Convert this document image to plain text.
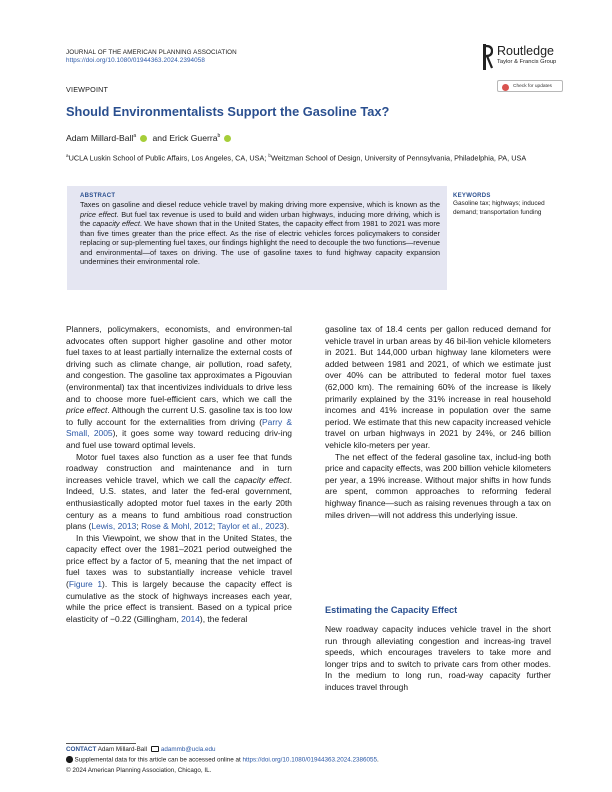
JOURNAL OF THE AMERICAN PLANNING ASSOCIATION
https://doi.org/10.1080/01944363.2024.2394058
Routledge
Taylor & Francis Group
VIEWPOINT	Check for updates
Should Environmentalists Support the Gasoline Tax?
Adam Millard-Ball$^a$ and Erick Guerra$^b$
$^a$UCLA Luskin School of Public Affairs, Los Angeles, CA, USA; $^b$Weitzman School of Design, University of Pennsylvania, Philadelphia, PA, USA
ABSTRACT
Taxes on gasoline and diesel reduce vehicle travel by making driving more expensive, which is known as the price effect. But fuel tax revenue is used to build and widen urban highways, inducing more driving, which is the capacity effect. We have shown that in the United States, the capacity effect from 1981 to 2021 was more than five times greater than the price effect. As the rise of electric vehicles forces policymakers to consider replacing or sup-plementing fuel taxes, our findings highlight the need to decouple the two functions—revenue and environmental—of taxes on driving. The use of gasoline taxes to fund highway capacity expansion undermines their environmental role.
KEYWORDS
Gasoline tax; highways; induced demand; transportation funding

Planners, policymakers, economists, and environmen-tal advocates often support higher gasoline and other motor fuel taxes to at least partially internalize the external costs of driving such as climate change, air pollution, road safety, and congestion. The gasoline tax approximates a Pigouvian (environmental) tax that incentivizes individuals to drive less and to choose more fuel-efficient cars, which we call the price effect. Although the current U.S. gasoline tax is too low to fully account for the externalities from driving (Parry & Small, 2005), it goes some way toward reducing driv-ing and fuel use toward optimal levels.

Motor fuel taxes also function as a user fee that funds roadway construction and maintenance and in turn increases vehicle travel, which we call the capacity effect. Indeed, U.S. states, and later the fed-eral government, enthusiastically adopted motor fuel taxes in the early 20th century as a means to fund ambitious road construction plans (Lewis, 2013; Rose & Mohl, 2012; Taylor et al., 2023).

In this Viewpoint, we show that in the United States, the capacity effect over the 1981–2021 period outweighed the price effect by a factor of 5, meaning that the net impact of fuel taxes was to substantially increase vehicle travel (Figure 1). This is largely because the capacity effect is cumulative as the stock of highways increases each year, while the price effect is transient. Based on a typical price elasticity of −0.22 (Gillingham, 2014), the federal

gasoline tax of 18.4 cents per gallon reduced demand for vehicle travel in urban areas by 46 bil-lion vehicle kilometers in 2021. But 144,000 urban highway lane kilometers were added between 1981 and 2021, of which we estimate just over 40% can be attributed to federal motor fuel taxes (62,000 km). The remaining 60% of the increase is likely primarily explained by the 31% increase in real household incomes and 41% increase in population over the same period. We estimate that this new capacity increased vehicle travel on urban highways in 2021 by 24%, or 246 billion vehicle kilo-meters per year.

The net effect of the federal gasoline tax, includ-ing both price and capacity effects, was 200 billion vehicle kilometers per year, a 19% increase. Without major shifts in how funds are spent, common approaches to reforming federal highway finance—such as raising revenues through a tax on miles driven—will not address this underlying issue.

Estimating the Capacity Effect

New roadway capacity induces vehicle travel in the short run through alleviating congestion and increas-ing travel speeds, which encourages travelers to take more and longer trips and to switch to private cars from other modes. In the medium to long run, road-way capacity further induces travel through

CONTACT Adam Millard-Ball adammb@ucla.edu
Supplemental data for this article can be accessed online at https://doi.org/10.1080/01944363.2024.2386055.
© 2024 American Planning Association, Chicago, IL.
